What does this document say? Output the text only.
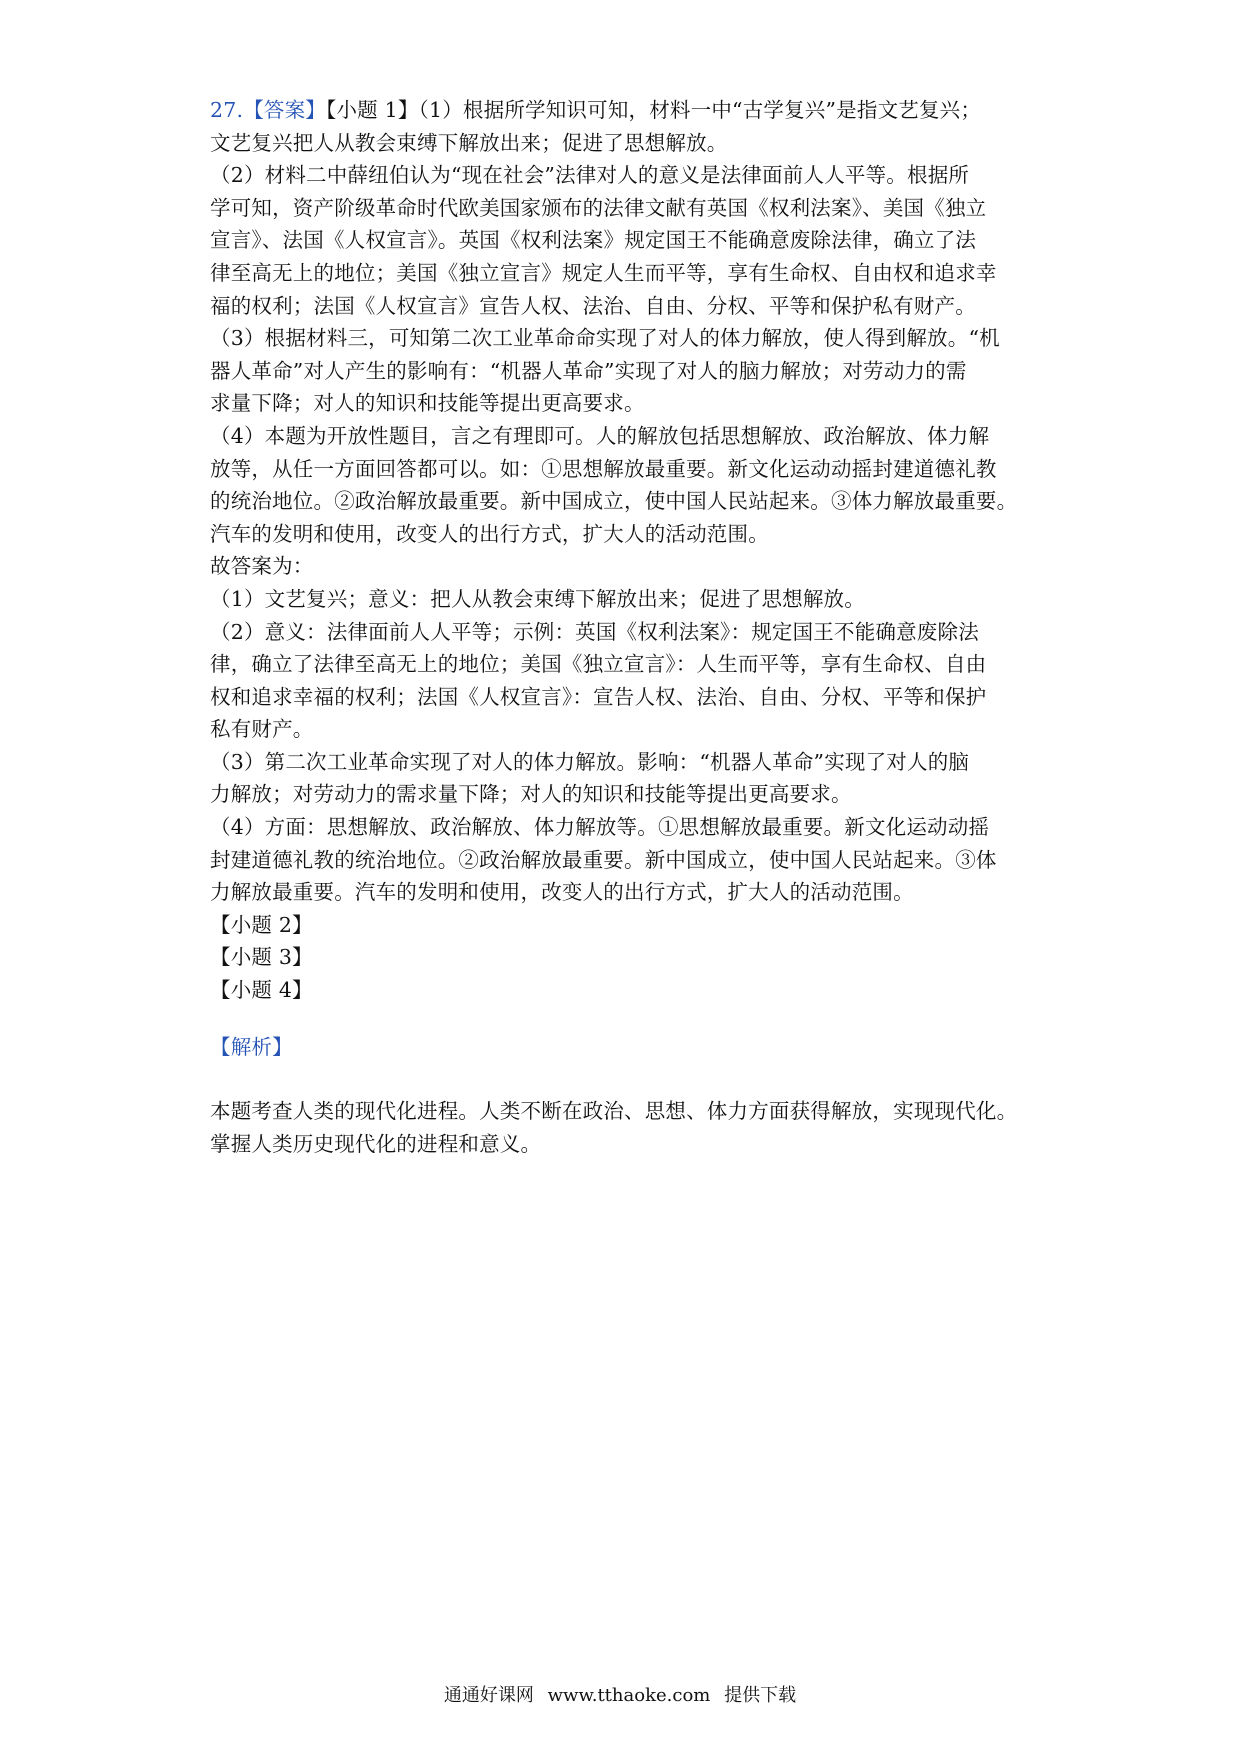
27.【答案】【小题 1】（1）根据所学知识可知，材料一中“古学复兴”是指文艺复兴；
文艺复兴把人从教会束缚下解放出来；促进了思想解放。
（2）材料二中薛纽伯认为“现在社会”法律对人的意义是法律面前人人平等。根据所
学可知，资产阶级革命时代欧美国家颁布的法律文献有英国《权利法案》、美国《独立
宣言》、法国《人权宣言》。英国《权利法案》规定国王不能确意废除法律，确立了法
律至高无上的地位；美国《独立宣言》规定人生而平等，享有生命权、自由权和追求幸
福的权利；法国《人权宣言》宣告人权、法治、自由、分权、平等和保护私有财产。
（3）根据材料三，可知第二次工业革命命实现了对人的体力解放，使人得到解放。“机
器人革命”对人产生的影响有：“机器人革命”实现了对人的脑力解放；对劳动力的需
求量下降；对人的知识和技能等提出更高要求。
（4）本题为开放性题目，言之有理即可。人的解放包括思想解放、政治解放、体力解
放等，从任一方面回答都可以。如：①思想解放最重要。新文化运动动摇封建道德礼教
的统治地位。②政治解放最重要。新中国成立，使中国人民站起来。③体力解放最重要。
汽车的发明和使用，改变人的出行方式，扩大人的活动范围。
故答案为：
（1）文艺复兴；意义：把人从教会束缚下解放出来；促进了思想解放。
（2）意义：法律面前人人平等；示例：英国《权利法案》：规定国王不能确意废除法
律，确立了法律至高无上的地位；美国《独立宣言》：人生而平等，享有生命权、自由
权和追求幸福的权利；法国《人权宣言》：宣告人权、法治、自由、分权、平等和保护
私有财产。
（3）第二次工业革命实现了对人的体力解放。影响：“机器人革命”实现了对人的脑
力解放；对劳动力的需求量下降；对人的知识和技能等提出更高要求。
（4）方面：思想解放、政治解放、体力解放等。①思想解放最重要。新文化运动动摇
封建道德礼教的统治地位。②政治解放最重要。新中国成立，使中国人民站起来。③体
力解放最重要。汽车的发明和使用，改变人的出行方式，扩大人的活动范围。
【小题 2】
【小题 3】
【小题 4】
【解析】
本题考查人类的现代化进程。人类不断在政治、思想、体力方面获得解放，实现现代化。
掌握人类历史现代化的进程和意义。
通通好课网 www.tthaoke.com 提供下载
